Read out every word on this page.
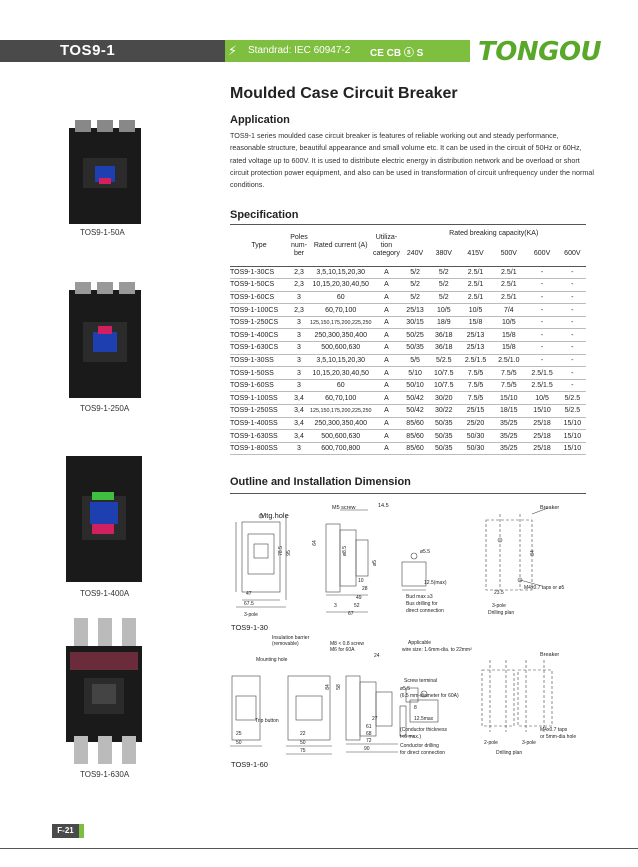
TOS9-1	⚡ Standrad: IEC 60947-2 CE CB ⓢ S TONGOU
Moulded Case Circuit Breaker
Application
TOS9-1 series moulded case circuit breaker is features of reliable working out and steady performance, reasonable structure, beautiful appearance and small volume etc. It can be used in the circuit of 50Hz or 60Hz, rated voltage up to 600V. It is used to distribute electric energy in distribution network and be overload or short circuit protection power equipment, and also can be used in transformation of circuit unfrequency under the normal conditions.
TOS9-1-50A
TOS9-1-250A
TOS9-1-400A
TOS9-1-630A
Specification
Type	Poles num- ber	Rated current (A)	Utiliza- tion category	Rated breaking capacity(KA)					
				240V	380V	415V	500V	600V	600V
TOS9-1-30CS	2,3	3,5,10,15,20,30	A	5/2	5/2	2.5/1	2.5/1	-	-
TOS9-1-50CS	2,3	10,15,20,30,40,50	A	5/2	5/2	2.5/1	2.5/1	-	-
TOS9-1-60CS	3	60	A	5/2	5/2	2.5/1	2.5/1	-	-
TOS9-1-100CS	2,3	60,70,100	A	25/13	10/5	10/5	7/4	-	-
TOS9-1-250CS	3	125,150,175,200,225,250	A	30/15	18/9	15/8	10/5	-	-
TOS9-1-400CS	3	250,300,350,400	A	50/25	36/18	25/13	15/8	-	-
TOS9-1-630CS	3	500,600,630	A	50/35	36/18	25/13	15/8	-	-
TOS9-1-30SS	3	3,5,10,15,20,30	A	5/5	5/2.5	2.5/1.5	2.5/1.0	-	-
TOS9-1-50SS	3	10,15,20,30,40,50	A	5/10	10/7.5	7.5/5	7.5/5	2.5/1.5	-
TOS9-1-60SS	3	60	A	50/10	10/7.5	7.5/5	7.5/5	2.5/1.5	-
TOS9-1-100SS	3,4	60,70,100	A	50/42	30/20	7.5/5	15/10	10/5	5/2.5
TOS9-1-250SS	3,4	125,150,175,200,225,250	A	50/42	30/22	25/15	18/15	15/10	5/2.5
TOS9-1-400SS	3,4	250,300,350,400	A	85/60	50/35	25/20	35/25	25/18	15/10
TOS9-1-630SS	3,4	500,600,630	A	85/60	50/35	50/30	35/25	25/18	15/10
TOS9-1-800SS	3	600,700,800	A	85/60	50/35	50/30	35/25	25/18	15/10
Outline and Installation Dimension
Mtg.hole
M5 screw	14.5
78.5 95
64
ø8.5
ø5
10
28
47
67.5
3-pole
49
52
67
3
ø5.5
12.5(max)
Bud max ≥3
Bus drilling for
direct connection
Breaker
23.5
84
M4x0.7 taps or ø5
3-pole
Drilling plan
TOS9-1-30
Insulation barrier
(removable)
Mounting hole
Trip button
M8 < 0.8 screw
M6 for 60A
24
Applicable
wire size: 1.6mm-dia. to 22mm²
Screw terminal
ø5.5
(6.5 mm-diameter for 60A)
8
12.5max
(Conductor thickness
t<6 max.)
Conductor drilling
for direct connection
25
50
22
50
75
61
68
72
90
27
84 58
Breaker
2-pole	3-pole
Drilling plan
M4x0.7 taps
or 5mm-dia hole
TOS9-1-60
F-21
